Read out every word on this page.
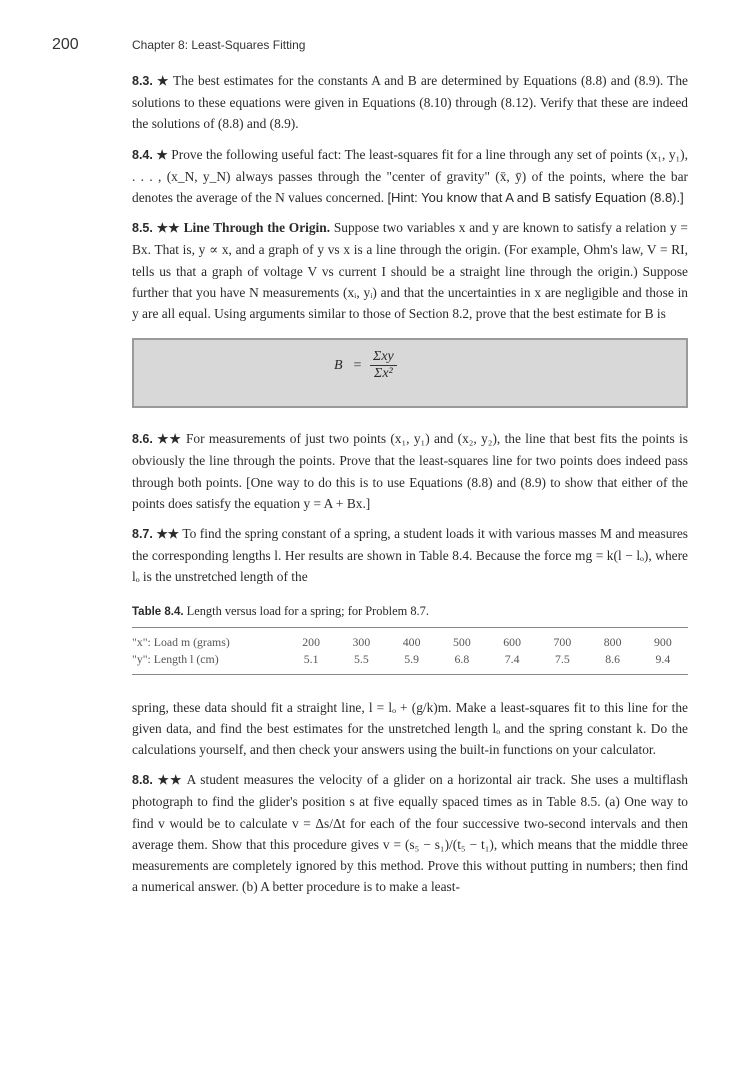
200	Chapter 8: Least-Squares Fitting

8.3. ★ The best estimates for the constants A and B are determined by Equations (8.8) and (8.9). The solutions to these equations were given in Equations (8.10) through (8.12). Verify that these are indeed the solutions of (8.8) and (8.9).

8.4. ★ Prove the following useful fact: The least-squares fit for a line through any set of points (x₁, y₁), . . . , (x_N, y_N) always passes through the "center of gravity" (x̄, ȳ) of the points, where the bar denotes the average of the N values concerned. [Hint: You know that A and B satisfy Equation (8.8).]

8.5. ★★ Line Through the Origin. Suppose two variables x and y are known to satisfy a relation y = Bx. That is, y ∝ x, and a graph of y vs x is a line through the origin. (For example, Ohm's law, V = RI, tells us that a graph of voltage V vs current I should be a straight line through the origin.) Suppose further that you have N measurements (xᵢ, yᵢ) and that the uncertainties in x are negligible and those in y are all equal. Using arguments similar to those of Section 8.2, prove that the best estimate for B is

$B = \frac{\text{Σxy}}{\text{Σx²}}$

8.6. ★★ For measurements of just two points (x₁, y₁) and (x₂, y₂), the line that best fits the points is obviously the line through the points. Prove that the least-squares line for two points does indeed pass through both points. [One way to do this is to use Equations (8.8) and (8.9) to show that either of the points does satisfy the equation y = A + Bx.]

8.7. ★★ To find the spring constant of a spring, a student loads it with various masses M and measures the corresponding lengths l. Her results are shown in Table 8.4. Because the force mg = k(l − lₒ), where lₒ is the unstretched length of the

Table 8.4. Length versus load for a spring; for Problem 8.7.
"x": Load m (grams)	200	300	400	500	600	700	800	900
"y": Length l (cm)	5.1	5.5	5.9	6.8	7.4	7.5	8.6	9.4

spring, these data should fit a straight line, l = lₒ + (g/k)m. Make a least-squares fit to this line for the given data, and find the best estimates for the unstretched length lₒ and the spring constant k. Do the calculations yourself, and then check your answers using the built-in functions on your calculator.

8.8. ★★ A student measures the velocity of a glider on a horizontal air track. She uses a multiflash photograph to find the glider's position s at five equally spaced times as in Table 8.5. (a) One way to find v would be to calculate v = Δs/Δt for each of the four successive two-second intervals and then average them. Show that this procedure gives v = (s₅ − s₁)/(t₅ − t₁), which means that the middle three measurements are completely ignored by this method. Prove this without putting in numbers; then find a numerical answer. (b) A better procedure is to make a least-
